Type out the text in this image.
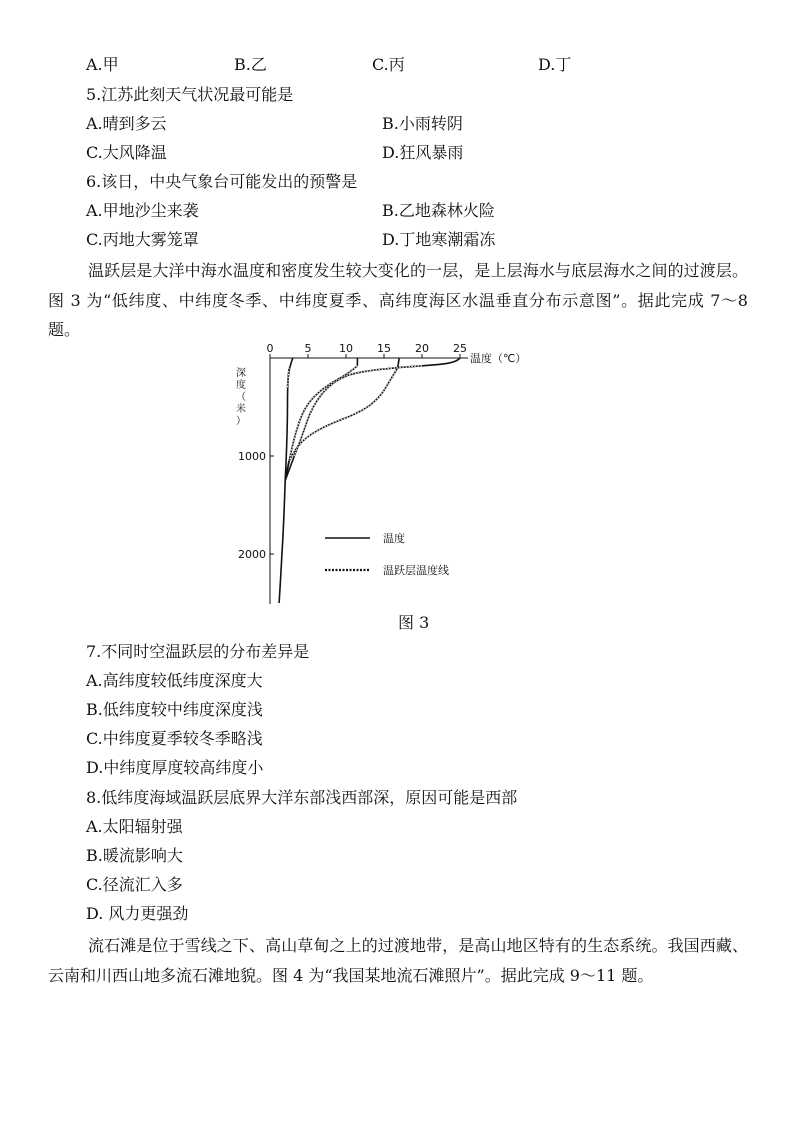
A.甲	B.乙	C.丙	D.丁
5.江苏此刻天气状况最可能是
A.晴到多云	B.小雨转阴
C.大风降温	D.狂风暴雨
6.该日，中央气象台可能发出的预警是
A.甲地沙尘来袭	B.乙地森林火险
C.丙地大雾笼罩	D.丁地寒潮霜冻
温跃层是大洋中海水温度和密度发生较大变化的一层，是上层海水与底层海水之间的过渡层。图 3 为“低纬度、中纬度冬季、中纬度夏季、高纬度海区水温垂直分布示意图”。据此完成 7～8 题。
0	5	10 15 20 25
温度（℃）
1000
2000
深度（米）
温度
温跃层温度线
图 3
7.不同时空温跃层的分布差异是
A.高纬度较低纬度深度大
B.低纬度较中纬度深度浅
C.中纬度夏季较冬季略浅
D.中纬度厚度较高纬度小
8.低纬度海域温跃层底界大洋东部浅西部深，原因可能是西部
A.太阳辐射强
B.暖流影响大
C.径流汇入多
D. 风力更强劲
流石滩是位于雪线之下、高山草甸之上的过渡地带，是高山地区特有的生态系统。我国西藏、云南和川西山地多流石滩地貌。图 4 为“我国某地流石滩照片”。据此完成 9～11 题。
